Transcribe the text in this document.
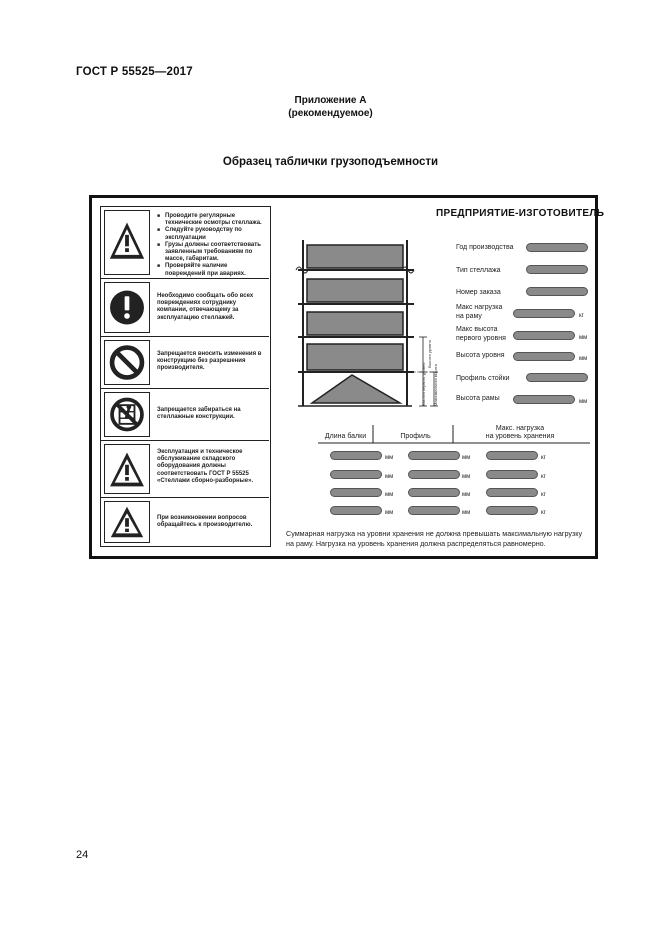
ГОСТ Р 55525—2017
Приложение А
(рекомендуемое)
Образец таблички грузоподъемности
■ Проводите регулярные технические осмотры стеллажа.
■ Следуйте руководству по эксплуатации
■ Грузы должны соответствовать заявленным требованиям по массе, габаритам.
■ Проверяйте наличие повреждений при авариях.

Необходимо сообщать обо всех повреждениях сотруднику компании, отвечающему за эксплуатацию стеллажей.

Запрещается вносить изменения в конструкцию без разрешения производителя.

Запрещается забираться на стеллажные конструкции.

Эксплуатация и техническое обслуживание складского оборудования должны соответствовать ГОСТ Р 55525 «Стеллажи сборно-разборные».

При возникновении вопросов обращайтесь к производителю.

Высота уровня
Максимальная высота
Высота первого уровня
ПРЕДПРИЯТИЕ-ИЗГОТОВИТЕЛЬ
Год производства
Тип стеллажа
Номер заказа
Макс нагрузка
на раму	кг
Макс высота
первого уровня	мм
Высота уровня	мм
Профиль стойки
Высота рамы	мм
Длина балки	Профиль
Макс. нагрузка
на уровень хранения
мм	мм	кг
мм	мм	кг
мм	мм	кг
мм	мм	кг
Суммарная нагрузка на уровни хранения не должна превышать максимальную нагрузку на раму. Нагрузка на уровень хранения должна распределяться равномерно.
24
